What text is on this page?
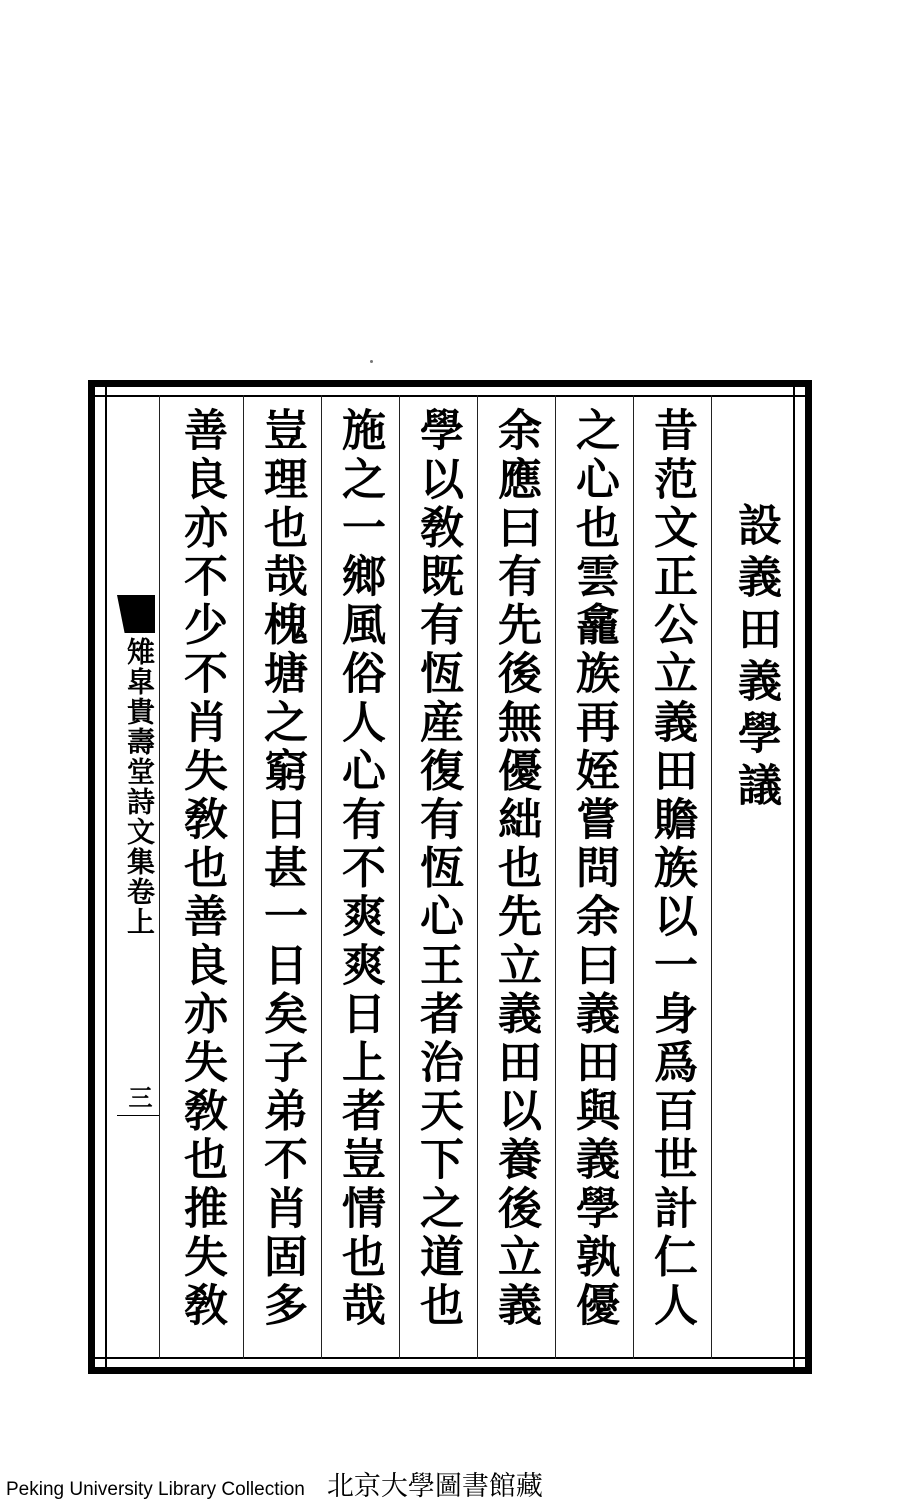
設義田義學議
昔范文正公立義田贍族以一身爲百世計仁人
之心也雲龕族再姪嘗問余曰義田與義學孰優
余應曰有先後無優絀也先立義田以養後立義
學以敎既有恆産復有恆心王者治天下之道也
施之一鄉風俗人心有不爽爽日上者豈情也哉
豈理也哉槐塘之窮日甚一日矣子弟不肖固多
善良亦不少不肖失敎也善良亦失敎也推失敎
雉皐貴壽堂詩文集卷上
三
Peking University Library Collection 北京大學圖書館藏
